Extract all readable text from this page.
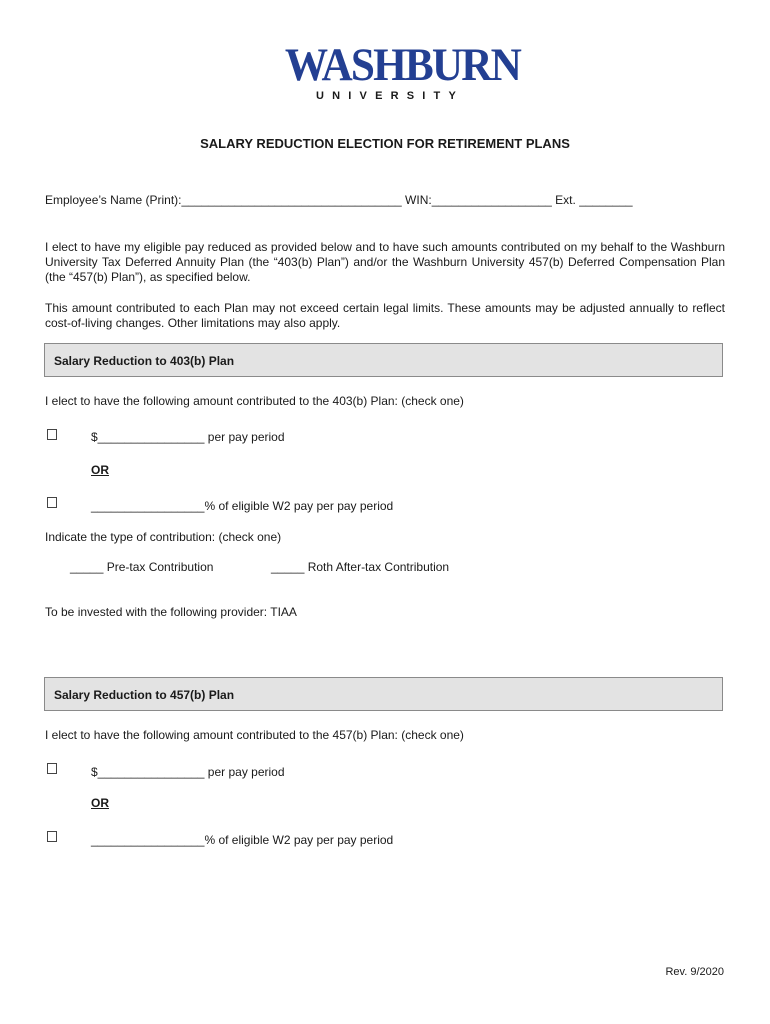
WASHBURN
UNIVERSITY
SALARY REDUCTION ELECTION FOR RETIREMENT PLANS
Employee’s Name (Print):_________________________________ WIN:__________________ Ext. ________
I elect to have my eligible pay reduced as provided below and to have such amounts contributed on my behalf to the Washburn University Tax Deferred Annuity Plan (the “403(b) Plan”) and/or the Washburn University 457(b) Deferred Compensation Plan (the “457(b) Plan”), as specified below.
This amount contributed to each Plan may not exceed certain legal limits. These amounts may be adjusted annually to reflect cost-of-living changes. Other limitations may also apply.
Salary Reduction to 403(b) Plan
I elect to have the following amount contributed to the 403(b) Plan: (check one)
$________________ per pay period
OR
_________________% of eligible W2 pay per pay period
Indicate the type of contribution: (check one)
_____ Pre-tax Contribution	_____ Roth After-tax Contribution
To be invested with the following provider: TIAA
Salary Reduction to 457(b) Plan
I elect to have the following amount contributed to the 457(b) Plan: (check one)
$________________ per pay period
OR
_________________% of eligible W2 pay per pay period
Rev. 9/2020
